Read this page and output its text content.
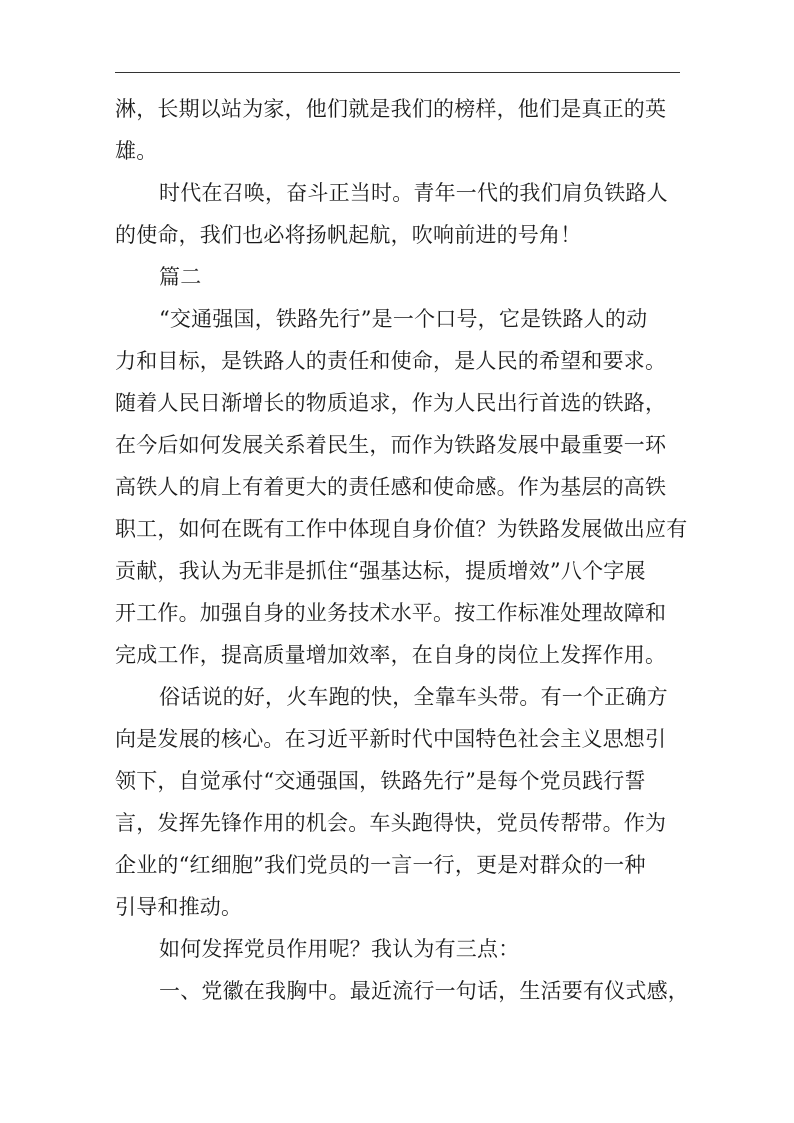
淋，长期以站为家，他们就是我们的榜样，他们是真正的英
雄。
时代在召唤，奋斗正当时。青年一代的我们肩负铁路人
的使命，我们也必将扬帆起航，吹响前进的号角！
篇二
“交通强国，铁路先行”是一个口号，它是铁路人的动
力和目标，是铁路人的责任和使命，是人民的希望和要求。
随着人民日渐增长的物质追求，作为人民出行首选的铁路，
在今后如何发展关系着民生，而作为铁路发展中最重要一环
高铁人的肩上有着更大的责任感和使命感。作为基层的高铁
职工，如何在既有工作中体现自身价值？为铁路发展做出应有
贡献，我认为无非是抓住“强基达标，提质增效”八个字展
开工作。加强自身的业务技术水平。按工作标准处理故障和
完成工作，提高质量增加效率，在自身的岗位上发挥作用。
俗话说的好，火车跑的快，全靠车头带。有一个正确方
向是发展的核心。在习近平新时代中国特色社会主义思想引
领下，自觉承付“交通强国，铁路先行”是每个党员践行誓
言，发挥先锋作用的机会。车头跑得快，党员传帮带。作为
企业的“红细胞”我们党员的一言一行，更是对群众的一种
引导和推动。
如何发挥党员作用呢？我认为有三点：
一、党徽在我胸中。最近流行一句话，生活要有仪式感，
